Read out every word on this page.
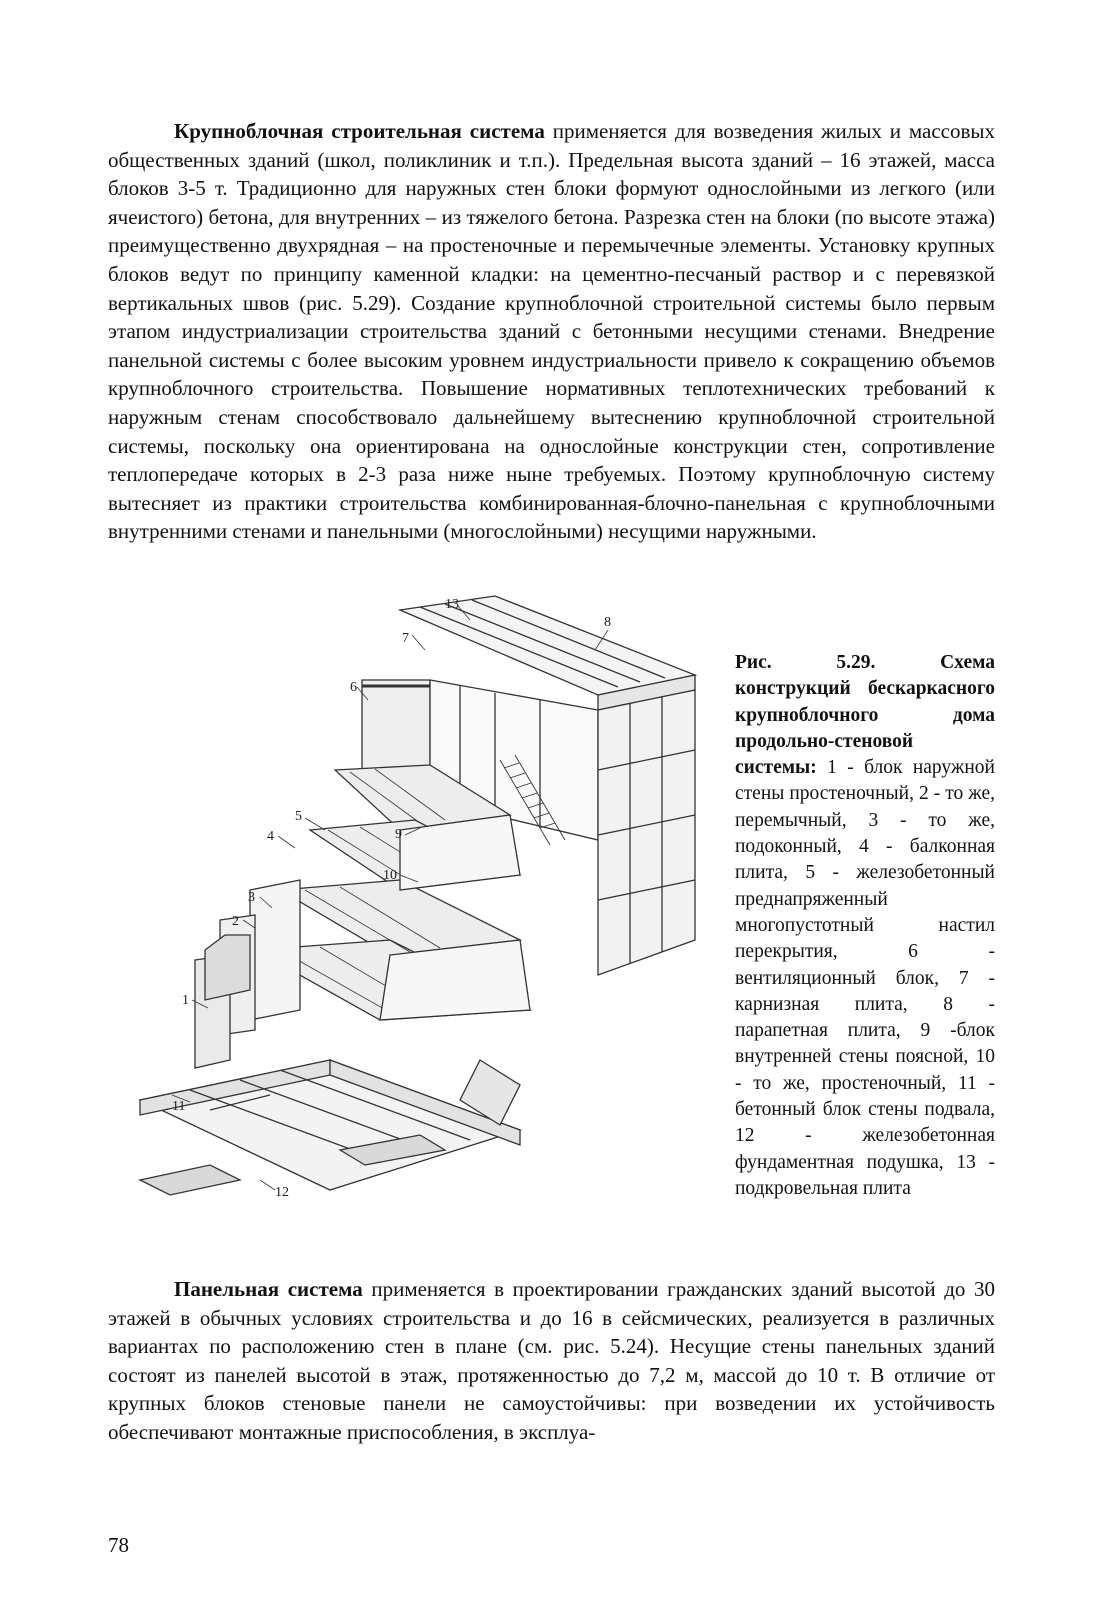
Крупноблочная строительная система применяется для возведения жилых и массовых общественных зданий (школ, поликлиник и т.п.). Предельная высота зданий – 16 этажей, масса блоков 3-5 т. Традиционно для наружных стен блоки формуют однослойными из легкого (или ячеистого) бетона, для внутренних – из тяжелого бетона. Разрезка стен на блоки (по высоте этажа) преимущественно двухрядная – на простеночные и перемычечные элементы. Установку крупных блоков ведут по принципу каменной кладки: на цементно-песчаный раствор и с перевязкой вертикальных швов (рис. 5.29). Создание крупноблочной строительной системы было первым этапом индустриализации строительства зданий с бетонными несущими стенами. Внедрение панельной системы с более высоким уровнем индустриальности привело к сокращению объемов крупноблочного строительства. Повышение нормативных теплотехнических требований к наружным стенам способствовало дальнейшему вытеснению крупноблочной строительной системы, поскольку она ориентирована на однослойные конструкции стен, сопротивление теплопередаче которых в 2-3 раза ниже ныне требуемых. Поэтому крупноблочную систему вытесняет из практики строительства комбинированная-блочно-панельная с крупноблочными внутренними стенами и панельными (многослойными) несущими наружными.

13
7
8
6
5
9
4
10
3
2
1
11
12

Рис. 5.29. Схема конструкций бескаркасного крупноблочного дома продольно-стеновой системы: 1 - блок наружной стены простеночный, 2 - то же, перемычный, 3 - то же, подоконный, 4 - балконная плита, 5 - железобетонный преднапряженный многопустотный настил перекрытия, 6 - вентиляционный блок, 7 - карнизная плита, 8 - парапетная плита, 9 -блок внутренней стены поясной, 10 - то же, простеночный, 11 - бетонный блок стены подвала, 12 - железобетонная фундаментная подушка, 13 - подкровельная плита

Панельная система применяется в проектировании гражданских зданий высотой до 30 этажей в обычных условиях строительства и до 16 в сейсмических, реализуется в различных вариантах по расположению стен в плане (см. рис. 5.24). Несущие стены панельных зданий состоят из панелей высотой в этаж, протяженностью до 7,2 м, массой до 10 т. В отличие от крупных блоков стеновые панели не самоустойчивы: при возведении их устойчивость обеспечивают монтажные приспособления, в эксплуа-

78
